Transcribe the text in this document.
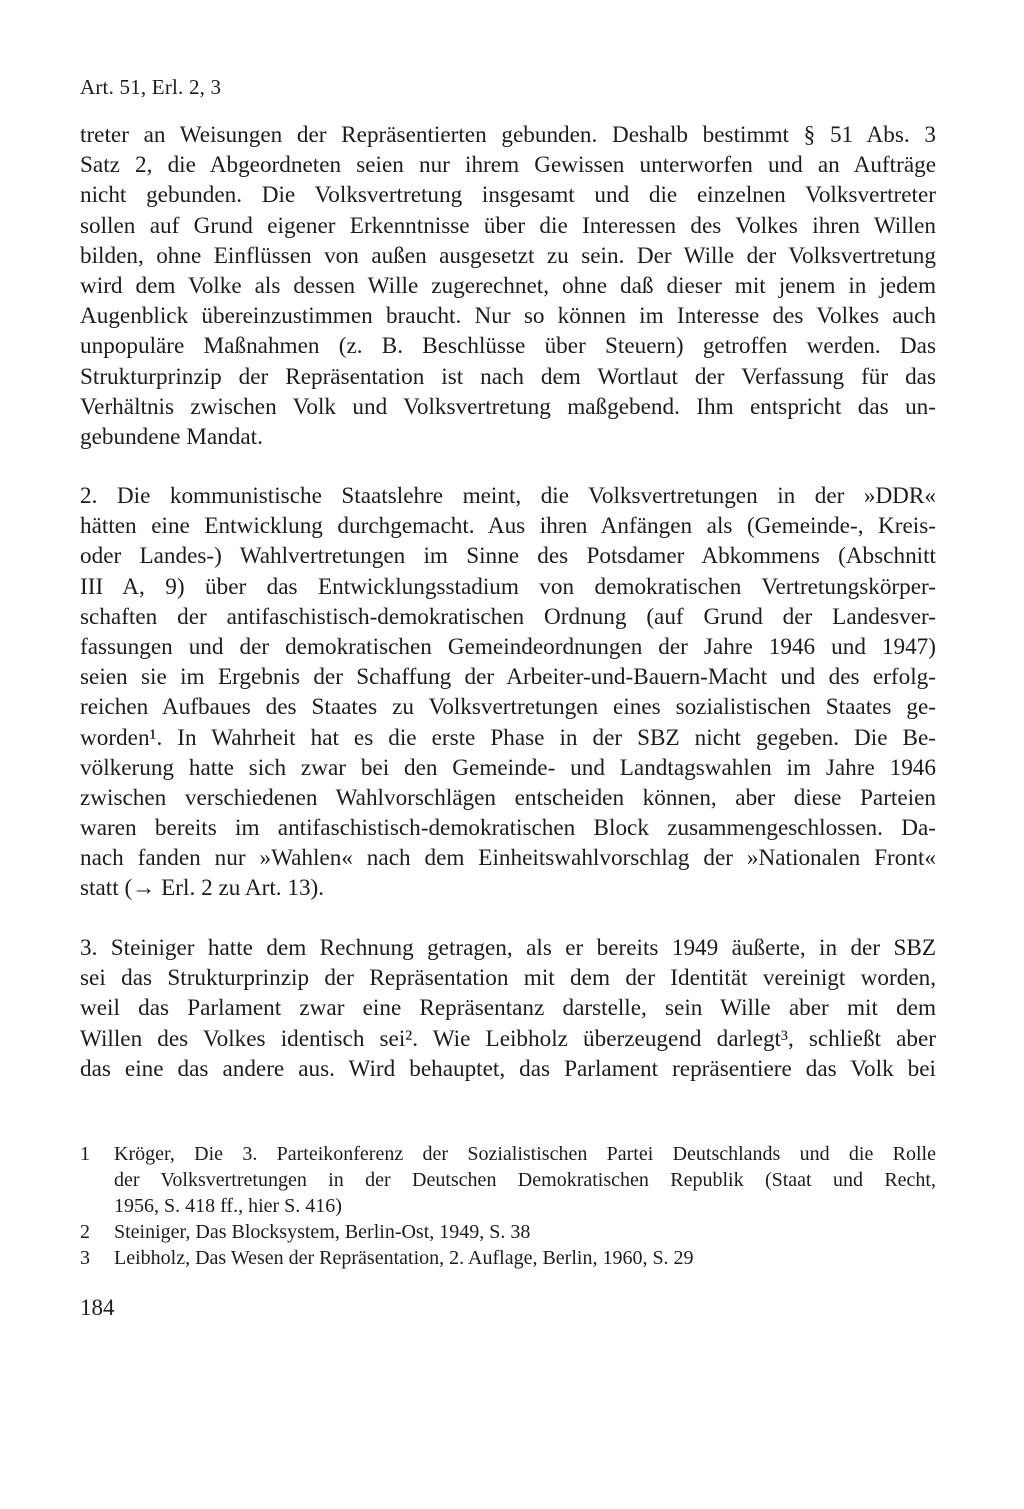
Art. 51, Erl. 2, 3
treter an Weisungen der Repräsentierten gebunden. Deshalb bestimmt § 51 Abs. 3
Satz 2, die Abgeordneten seien nur ihrem Gewissen unterworfen und an Aufträge
nicht gebunden. Die Volksvertretung insgesamt und die einzelnen Volksvertreter
sollen auf Grund eigener Erkenntnisse über die Interessen des Volkes ihren Willen
bilden, ohne Einflüssen von außen ausgesetzt zu sein. Der Wille der Volksvertretung
wird dem Volke als dessen Wille zugerechnet, ohne daß dieser mit jenem in jedem
Augenblick übereinzustimmen braucht. Nur so können im Interesse des Volkes auch
unpopuläre Maßnahmen (z. B. Beschlüsse über Steuern) getroffen werden. Das
Strukturprinzip der Repräsentation ist nach dem Wortlaut der Verfassung für das
Verhältnis zwischen Volk und Volksvertretung maßgebend. Ihm entspricht das un-
gebundene Mandat.
2. Die kommunistische Staatslehre meint, die Volksvertretungen in der »DDR«
hätten eine Entwicklung durchgemacht. Aus ihren Anfängen als (Gemeinde-, Kreis-
oder Landes-) Wahlvertretungen im Sinne des Potsdamer Abkommens (Abschnitt
III A, 9) über das Entwicklungsstadium von demokratischen Vertretungskörper-
schaften der antifaschistisch-demokratischen Ordnung (auf Grund der Landesver-
fassungen und der demokratischen Gemeindeordnungen der Jahre 1946 und 1947)
seien sie im Ergebnis der Schaffung der Arbeiter-und-Bauern-Macht und des erfolg-
reichen Aufbaues des Staates zu Volksvertretungen eines sozialistischen Staates ge-
worden¹. In Wahrheit hat es die erste Phase in der SBZ nicht gegeben. Die Be-
völkerung hatte sich zwar bei den Gemeinde- und Landtagswahlen im Jahre 1946
zwischen verschiedenen Wahlvorschlägen entscheiden können, aber diese Parteien
waren bereits im antifaschistisch-demokratischen Block zusammengeschlossen. Da-
nach fanden nur »Wahlen« nach dem Einheitswahlvorschlag der »Nationalen Front«
statt (→ Erl. 2 zu Art. 13).
3. Steiniger hatte dem Rechnung getragen, als er bereits 1949 äußerte, in der SBZ
sei das Strukturprinzip der Repräsentation mit dem der Identität vereinigt worden,
weil das Parlament zwar eine Repräsentanz darstelle, sein Wille aber mit dem
Willen des Volkes identisch sei². Wie Leibholz überzeugend darlegt³, schließt aber
das eine das andere aus. Wird behauptet, das Parlament repräsentiere das Volk bei
1 Kröger, Die 3. Parteikonferenz der Sozialistischen Partei Deutschlands und die Rolle
der Volksvertretungen in der Deutschen Demokratischen Republik (Staat und Recht,
1956, S. 418 ff., hier S. 416)
2 Steiniger, Das Blocksystem, Berlin-Ost, 1949, S. 38
3 Leibholz, Das Wesen der Repräsentation, 2. Auflage, Berlin, 1960, S. 29
184
